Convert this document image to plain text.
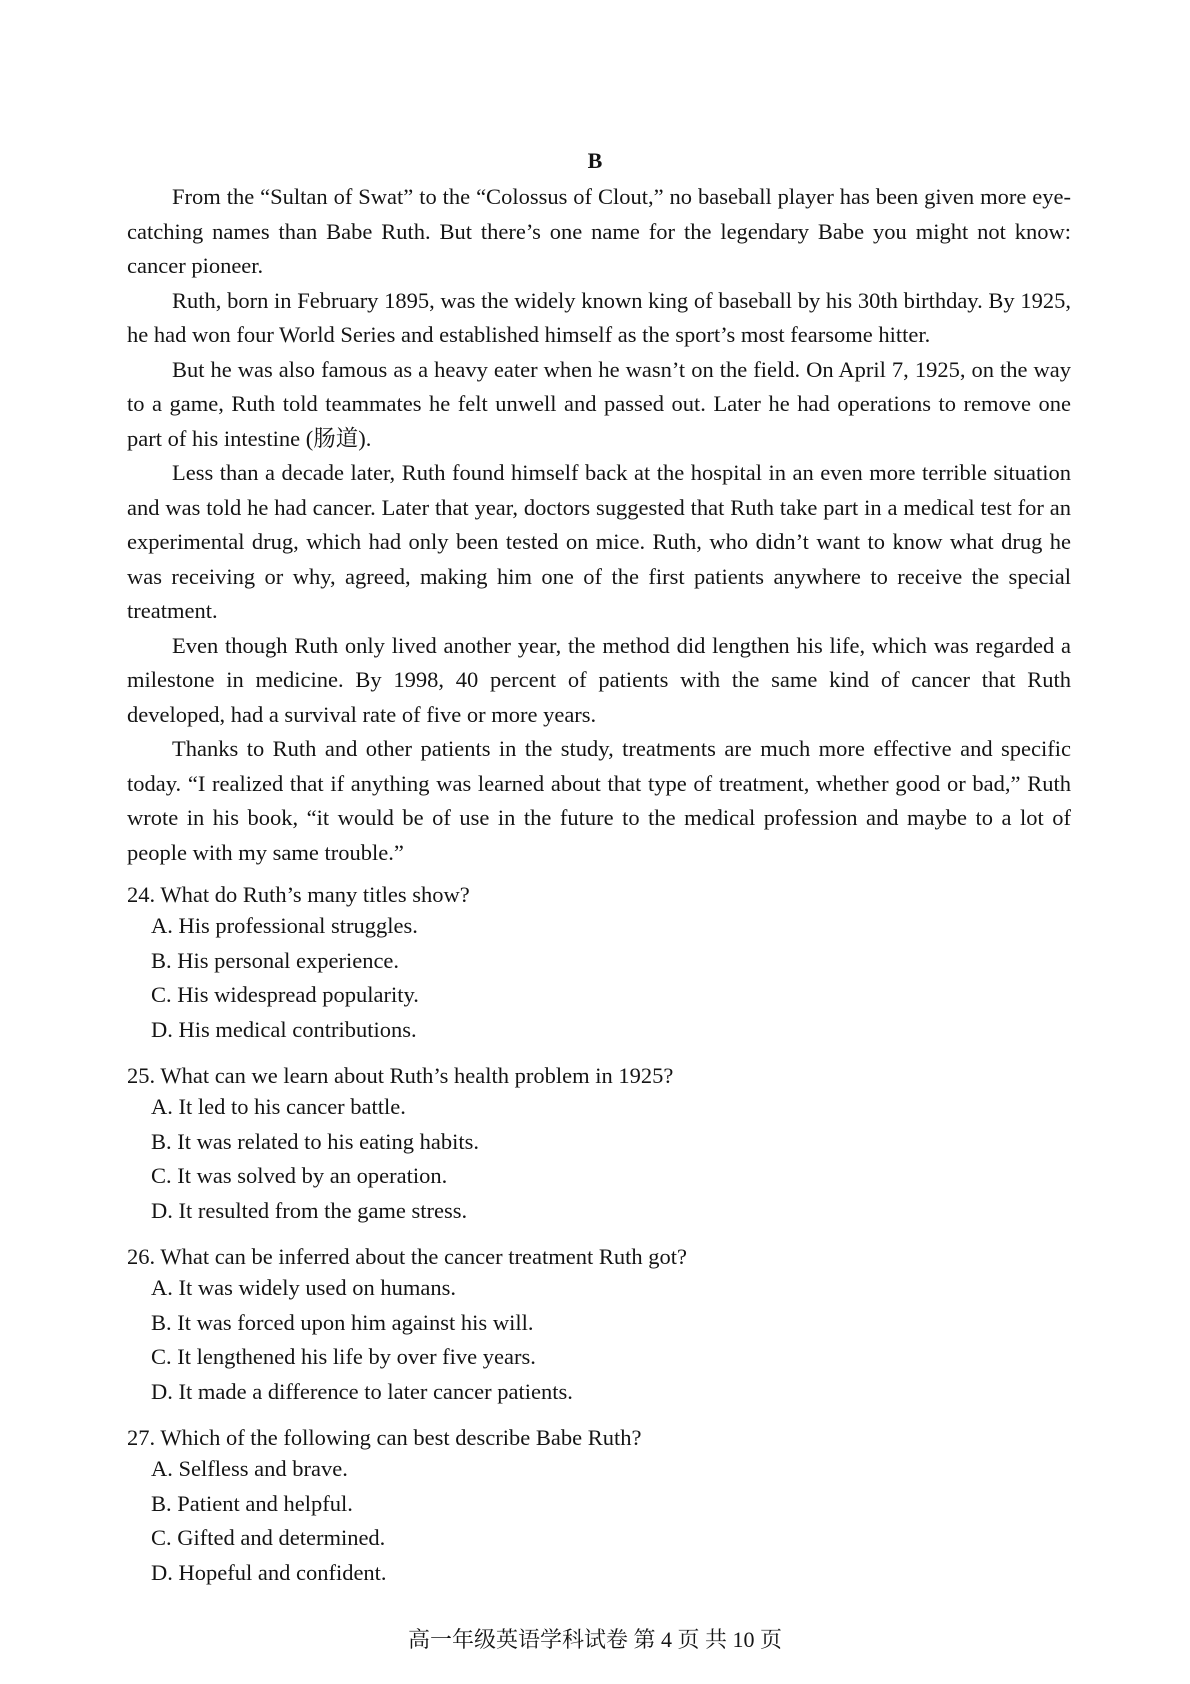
B

From the “Sultan of Swat” to the “Colossus of Clout,” no baseball player has been given more eye-catching names than Babe Ruth. But there’s one name for the legendary Babe you might not know: cancer pioneer.

Ruth, born in February 1895, was the widely known king of baseball by his 30th birthday. By 1925, he had won four World Series and established himself as the sport’s most fearsome hitter.

But he was also famous as a heavy eater when he wasn’t on the field. On April 7, 1925, on the way to a game, Ruth told teammates he felt unwell and passed out. Later he had operations to remove one part of his intestine (肠道).

Less than a decade later, Ruth found himself back at the hospital in an even more terrible situation and was told he had cancer. Later that year, doctors suggested that Ruth take part in a medical test for an experimental drug, which had only been tested on mice. Ruth, who didn’t want to know what drug he was receiving or why, agreed, making him one of the first patients anywhere to receive the special treatment.

Even though Ruth only lived another year, the method did lengthen his life, which was regarded a milestone in medicine. By 1998, 40 percent of patients with the same kind of cancer that Ruth developed, had a survival rate of five or more years.

Thanks to Ruth and other patients in the study, treatments are much more effective and specific today. “I realized that if anything was learned about that type of treatment, whether good or bad,” Ruth wrote in his book, “it would be of use in the future to the medical profession and maybe to a lot of people with my same trouble.”

24. What do Ruth’s many titles show?

A. His professional struggles.

B. His personal experience.

C. His widespread popularity.

D. His medical contributions.

25. What can we learn about Ruth’s health problem in 1925?

A. It led to his cancer battle.

B. It was related to his eating habits.

C. It was solved by an operation.

D. It resulted from the game stress.

26. What can be inferred about the cancer treatment Ruth got?

A. It was widely used on humans.

B. It was forced upon him against his will.

C. It lengthened his life by over five years.

D. It made a difference to later cancer patients.

27. Which of the following can best describe Babe Ruth?

A. Selfless and brave.

B. Patient and helpful.

C. Gifted and determined.

D. Hopeful and confident.

高一年级英语学科试卷 第 4 页 共 10 页
